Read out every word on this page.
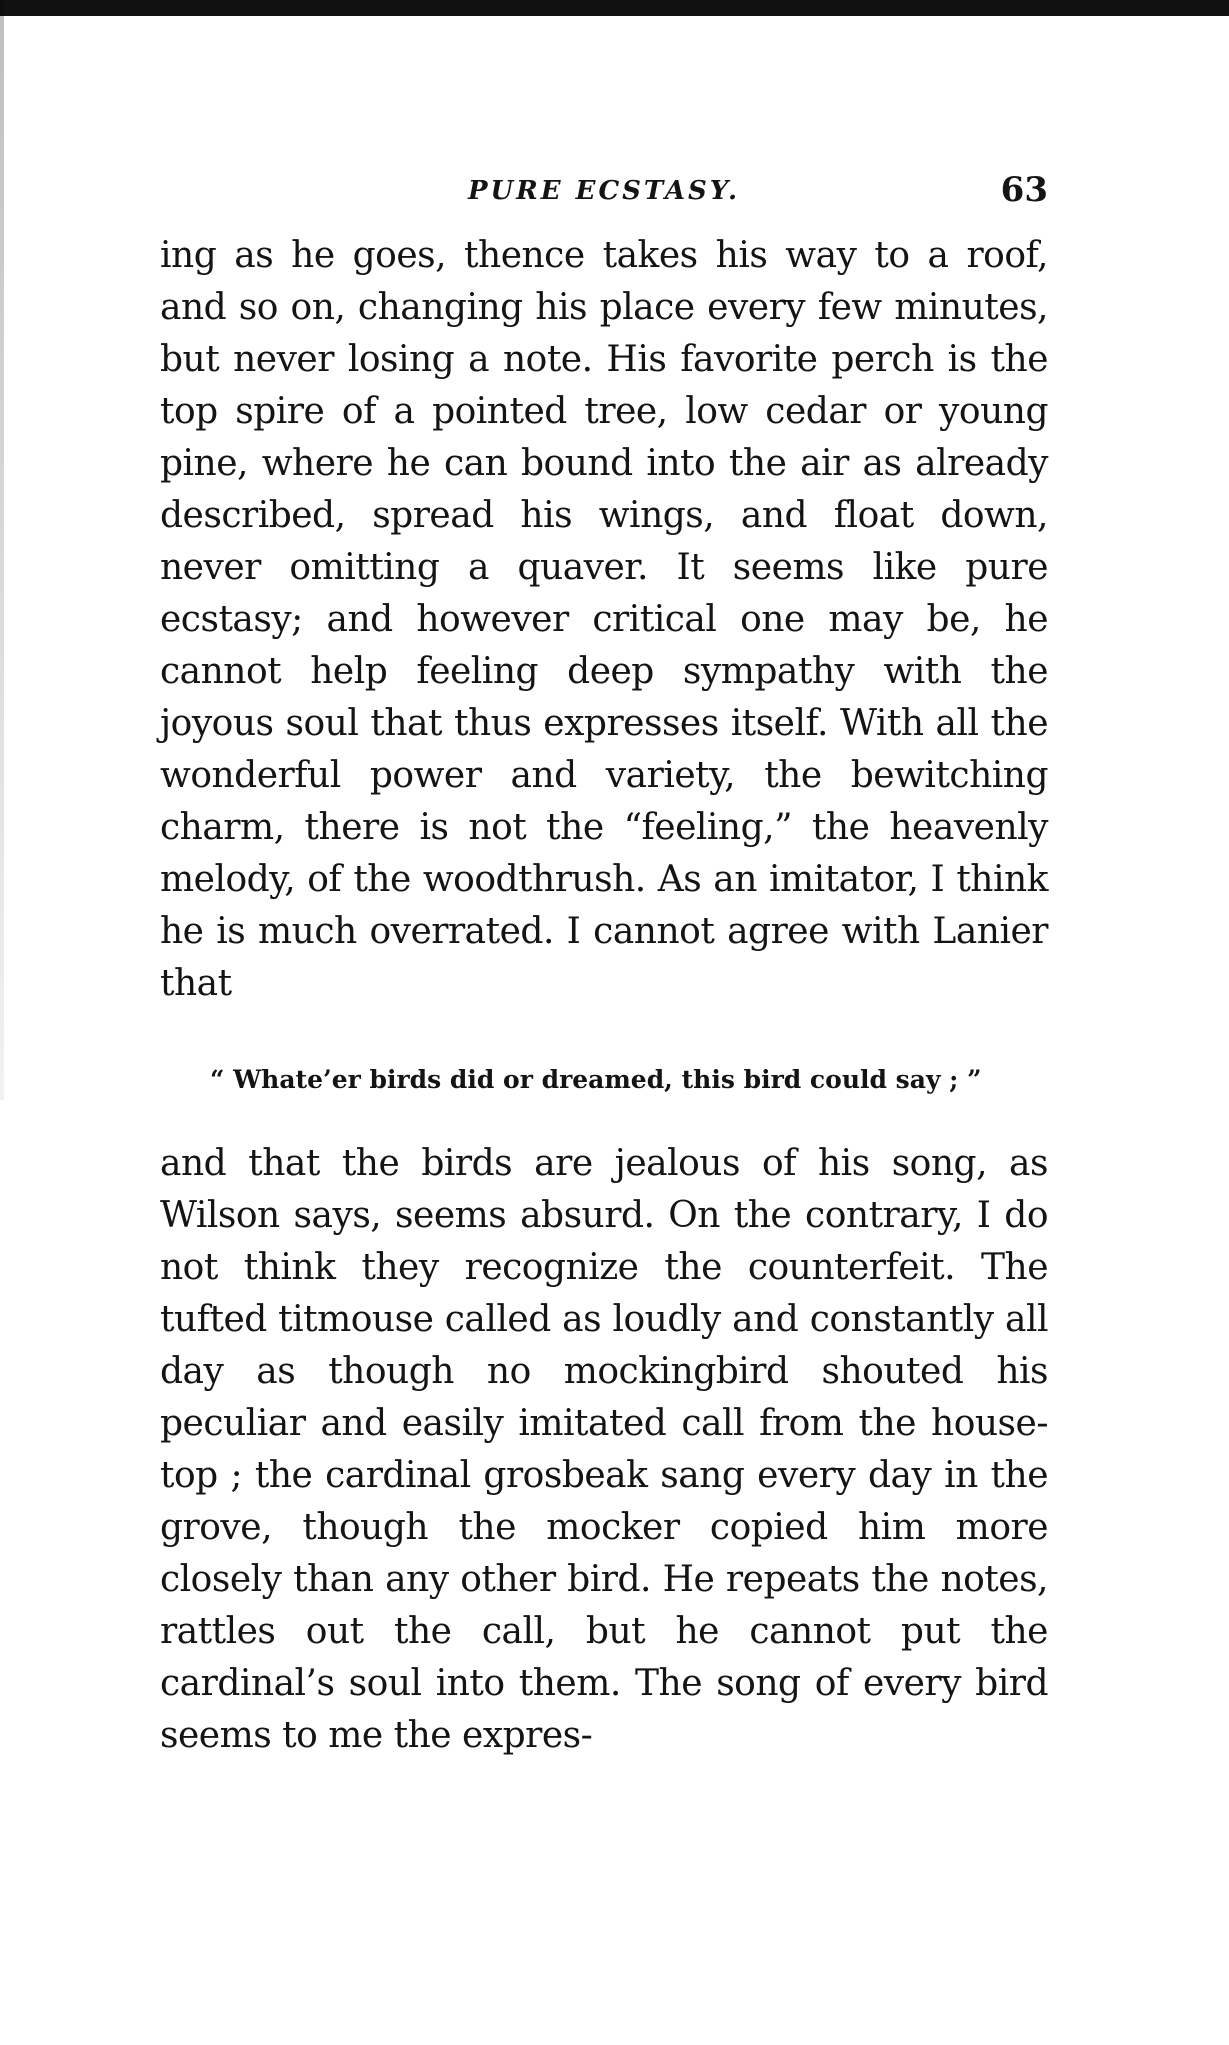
PURE ECSTASY.	63

ing as he goes, thence takes his way to a roof, and so on, changing his place every few minutes, but never losing a note. His favorite perch is the top spire of a pointed tree, low cedar or young pine, where he can bound into the air as already described, spread his wings, and float down, never omitting a quaver. It seems like pure ecstasy; and however critical one may be, he cannot help feeling deep sympathy with the joyous soul that thus expresses itself. With all the wonderful power and variety, the bewitching charm, there is not the “feeling,” the heavenly melody, of the woodthrush. As an imitator, I think he is much overrated. I cannot agree with Lanier that

“ Whate’er birds did or dreamed, this bird could say ; ”

and that the birds are jealous of his song, as Wilson says, seems absurd. On the contrary, I do not think they recognize the counterfeit. The tufted titmouse called as loudly and constantly all day as though no mockingbird shouted his peculiar and easily imitated call from the house-top ; the cardinal grosbeak sang every day in the grove, though the mocker copied him more closely than any other bird. He repeats the notes, rattles out the call, but he cannot put the cardinal’s soul into them. The song of every bird seems to me the expres-
